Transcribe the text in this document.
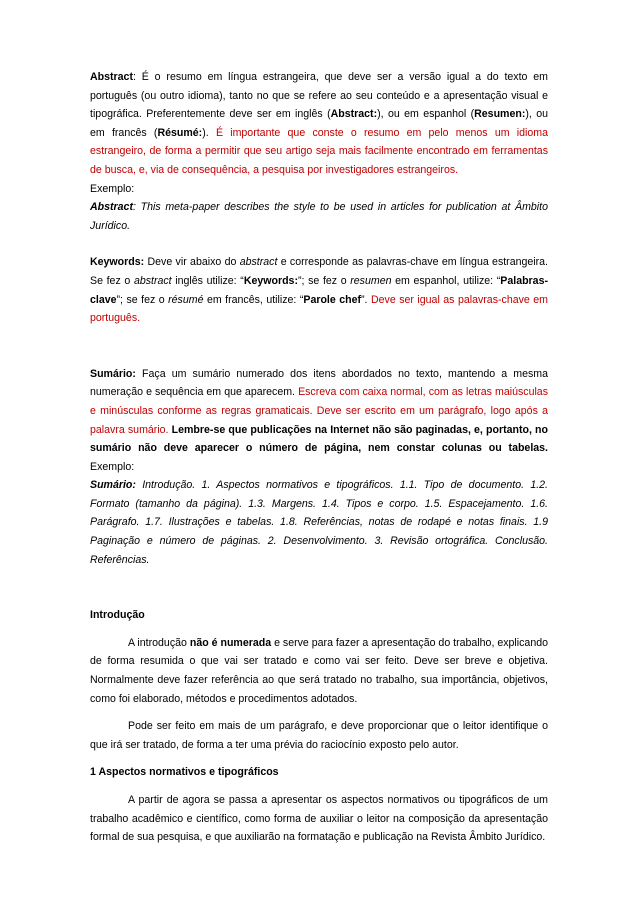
Abstract: É o resumo em língua estrangeira, que deve ser a versão igual a do texto em português (ou outro idioma), tanto no que se refere ao seu conteúdo e a apresentação visual e tipográfica. Preferentemente deve ser em inglês (Abstract:), ou em espanhol (Resumen:), ou em francês (Résumé:). É importante que conste o resumo em pelo menos um idioma estrangeiro, de forma a permitir que seu artigo seja mais facilmente encontrado em ferramentas de busca, e, via de consequência, a pesquisa por investigadores estrangeiros.

Exemplo:

Abstract: This meta-paper describes the style to be used in articles for publication at Âmbito Jurídico.

Keywords: Deve vir abaixo do abstract e corresponde as palavras-chave em língua estrangeira. Se fez o abstract inglês utilize: “Keywords:”; se fez o resumen em espanhol, utilize: “Palabras-clave”; se fez o résumé em francês, utilize: “Parole chef”. Deve ser igual as palavras-chave em português.

Sumário: Faça um sumário numerado dos itens abordados no texto, mantendo a mesma numeração e sequência em que aparecem. Escreva com caixa normal, com as letras maiúsculas e minúsculas conforme as regras gramaticais. Deve ser escrito em um parágrafo, logo após a palavra sumário. Lembre-se que publicações na Internet não são paginadas, e, portanto, no sumário não deve aparecer o número de página, nem constar colunas ou tabelas. Exemplo:
Sumário: Introdução. 1. Aspectos normativos e tipográficos. 1.1. Tipo de documento. 1.2. Formato (tamanho da página). 1.3. Margens. 1.4. Tipos e corpo. 1.5. Espacejamento. 1.6. Parágrafo. 1.7. Ilustrações e tabelas. 1.8. Referências, notas de rodapé e notas finais. 1.9 Paginação e número de páginas. 2. Desenvolvimento. 3. Revisão ortográfica. Conclusão. Referências.

Introdução

A introdução não é numerada e serve para fazer a apresentação do trabalho, explicando de forma resumida o que vai ser tratado e como vai ser feito. Deve ser breve e objetiva. Normalmente deve fazer referência ao que será tratado no trabalho, sua importância, objetivos, como foi elaborado, métodos e procedimentos adotados.

Pode ser feito em mais de um parágrafo, e deve proporcionar que o leitor identifique o que irá ser tratado, de forma a ter uma prévia do raciocínio exposto pelo autor.

1 Aspectos normativos e tipográficos

A partir de agora se passa a apresentar os aspectos normativos ou tipográficos de um trabalho acadêmico e científico, como forma de auxiliar o leitor na composição da apresentação formal de sua pesquisa, e que auxiliarão na formatação e publicação na Revista Âmbito Jurídico.
